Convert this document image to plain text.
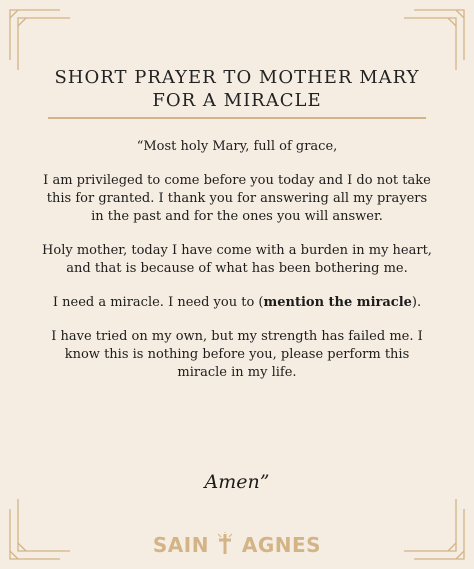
SHORT PRAYER TO MOTHER MARY
FOR A MIRACLE

“Most holy Mary, full of grace,

I am privileged to come before you today and I do not take this for granted. I thank you for answering all my prayers in the past and for the ones you will answer.

Holy mother, today I have come with a burden in my heart, and that is because of what has been bothering me.

I need a miracle. I need you to (mention the miracle).

I have tried on my own, but my strength has failed me. I know this is nothing before you, please perform this miracle in my life.

Amen”
SAIN AGNES
